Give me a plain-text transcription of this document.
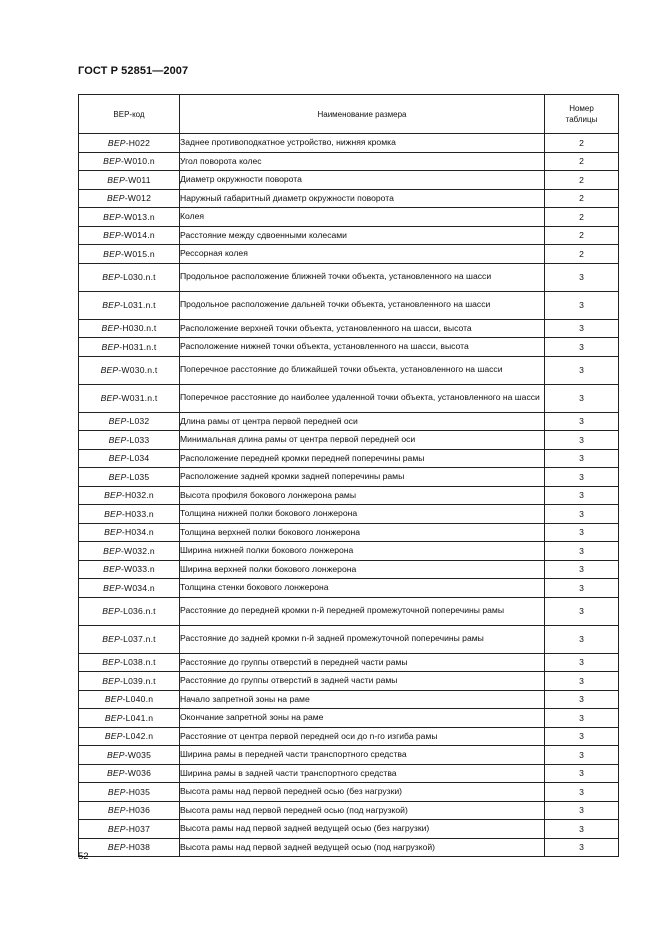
ГОСТ Р 52851—2007
BEP-код	Наименование размера	Номер
таблицы
BEP-H022	Заднее противоподкатное устройство, нижняя кромка	2
BEP-W010.n	Угол поворота колес	2
BEP-W011	Диаметр окружности поворота	2
BEP-W012	Наружный габаритный диаметр окружности поворота	2
BEP-W013.n	Колея	2
BEP-W014.n	Расстояние между сдвоенными колесами	2
BEP-W015.n	Рессорная колея	2
BEP-L030.n.t	Продольное расположение ближней точки объекта, установленного на шасси	3
BEP-L031.n.t	Продольное расположение дальней точки объекта, установленного на шасси	3
BEP-H030.n.t	Расположение верхней точки объекта, установленного на шасси, высота	3
BEP-H031.n.t	Расположение нижней точки объекта, установленного на шасси, высота	3
BEP-W030.n.t	Поперечное расстояние до ближайшей точки объекта, установленного на шасси	3
BEP-W031.n.t	Поперечное расстояние до наиболее удаленной точки объекта, установленного на шасси	3
BEP-L032	Длина рамы от центра первой передней оси	3
BEP-L033	Минимальная длина рамы от центра первой передней оси	3
BEP-L034	Расположение передней кромки передней поперечины рамы	3
BEP-L035	Расположение задней кромки задней поперечины рамы	3
BEP-H032.n	Высота профиля бокового лонжерона рамы	3
BEP-H033.n	Толщина нижней полки бокового лонжерона	3
BEP-H034.n	Толщина верхней полки бокового лонжерона	3
BEP-W032.n	Ширина нижней полки бокового лонжерона	3
BEP-W033.n	Ширина верхней полки бокового лонжерона	3
BEP-W034.n	Толщина стенки бокового лонжерона	3
BEP-L036.n.t	Расстояние до передней кромки n-й передней промежуточной поперечины рамы	3
BEP-L037.n.t	Расстояние до задней кромки n-й задней промежуточной поперечины рамы	3
BEP-L038.n.t	Расстояние до группы отверстий в передней части рамы	3
BEP-L039.n.t	Расстояние до группы отверстий в задней части рамы	3
BEP-L040.n	Начало запретной зоны на раме	3
BEP-L041.n	Окончание запретной зоны на раме	3
BEP-L042.n	Расстояние от центра первой передней оси до n-го изгиба рамы	3
BEP-W035	Ширина рамы в передней части транспортного средства	3
BEP-W036	Ширина рамы в задней части транспортного средства	3
BEP-H035	Высота рамы над первой передней осью (без нагрузки)	3
BEP-H036	Высота рамы над первой передней осью (под нагрузкой)	3
BEP-H037	Высота рамы над первой задней ведущей осью (без нагрузки)	3
BEP-H038	Высота рамы над первой задней ведущей осью (под нагрузкой)	3
52
